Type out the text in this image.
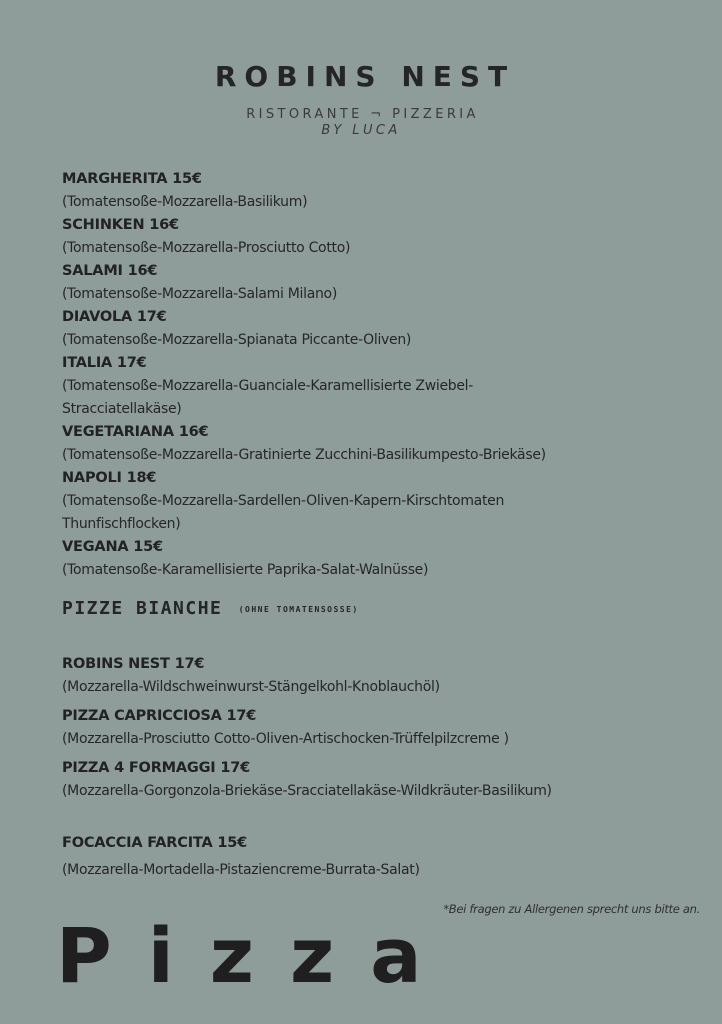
ROBINS NEST
RISTORANTE ¬ PIZZERIA
BY LUCA
MARGHERITA 15€
(Tomatensoße-Mozzarella-Basilikum)
SCHINKEN 16€
(Tomatensoße-Mozzarella-Prosciutto Cotto)
SALAMI 16€
(Tomatensoße-Mozzarella-Salami Milano)
DIAVOLA 17€
(Tomatensoße-Mozzarella-Spianata Piccante-Oliven)
ITALIA 17€
(Tomatensoße-Mozzarella-Guanciale-Karamellisierte Zwiebel-Stracciatellakäse)
VEGETARIANA 16€
(Tomatensoße-Mozzarella-Gratinierte Zucchini-Basilikumpesto-Briekäse)
NAPOLI 18€
(Tomatensoße-Mozzarella-Sardellen-Oliven-Kapern-Kirschtomaten Thunfischflocken)
VEGANA 15€
(Tomatensoße-Karamellisierte Paprika-Salat-Walnüsse)
PIZZE BIANCHE (OHNE TOMATENSOSSE)
ROBINS NEST 17€
(Mozzarella-Wildschweinwurst-Stängelkohl-Knoblauchöl)
PIZZA CAPRICCIOSA 17€
(Mozzarella-Prosciutto Cotto-Oliven-Artischocken-Trüffelpilzcreme )
PIZZA 4 FORMAGGI 17€
(Mozzarella-Gorgonzola-Briekäse-Sracciatellakäse-Wildkräuter-Basilikum)
FOCACCIA FARCITA 15€
(Mozzarella-Mortadella-Pistaziencreme-Burrata-Salat)
*Bei fragen zu Allergenen sprecht uns bitte an.
Pizza
